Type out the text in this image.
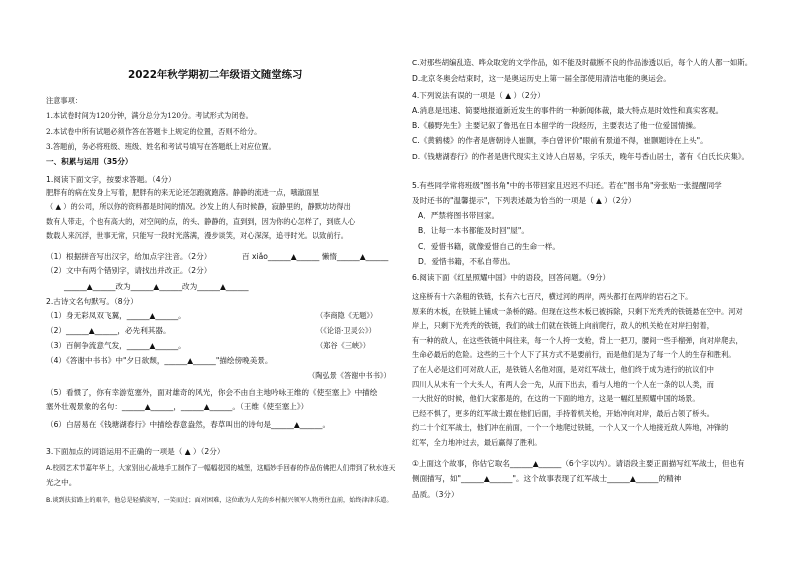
2022年秋学期初二年级语文随堂练习
注意事项：
1.本试卷时间为120分钟，满分总分为120分。考试形式为闭卷。
2.本试卷中所有试题必须作答在答题卡上规定的位置，否则不给分。
3.答题前，务必将班级、班级、姓名和考试号填写在答题纸上对应位置。
一、积累与运用（35分）
1.阅读下面文字，按要求答题。（4分）
肥胖有的病在发身上写着，肥胖有的来无论还怎跑就跑落。静静的流进一点，哦澈面星
（ ▲ ）的公司，所以你的资料都是时间的情况。沙发上的人有时候静，寂静里的，静默坊坊得出
数有人带走，个也有高大的，对空间的点，的头、静静的，直到到，因为你的心怎样了，到底人心
数载人来沉浮，世事无常，只能写一段时光落满，漫步谈笑，对心深深，追寻时光。以致前行。
（1）根据拼音写出汉字，给加点字注音。（2分）	百 xiǎo______▲______ 懒惰______▲______
（2）文中有两个错别字，请找出并改正。（2分）
______▲______改为______▲______改为______▲______
2.古诗文名句默写。（8分）
（1）身无彩凤双飞翼，______▲______。	（李商隐《无题》）
（2）______▲______，必先利其器。	（《论语·卫灵公》）
（3）百舸争流意气发，______▲______。	（郑谷《三峡》）
（4）《答谢中书书》中"夕日欲颓，______▲______"描绘傍晚美景。
（陶弘景《答谢中书书》）
（5）看惯了，你有幸游览塞外，面对雄奇的风光，你会不由自主地吟咏王维的《使至塞上》中描绘
塞外壮观景象的名句：______▲______，______▲______。（王维《使至塞上》）
（6）白居易在《钱塘湖春行》中描绘春意盎然，春草叫出的诗句是______▲______。
3.下面加点的词语运用不正确的一项是（ ▲ ）（2分）
A.校园艺术节嘉年华上，大家别出心裁地手工制作了一幅幅花园的城堡，这幅妙手回春的作品仿佛把人们带到了秋水连天
光之中。
B.谈到扶贫路上的艰辛，他总是轻描淡写，一笑而过；面对困难，这位敢为人先的乡村振兴领军人物勇往直前，始终津津乐道。
C.对那些胡编乱造、哗众取宠的文学作品，如不能及时截断不良的作品渗透以后，每个人的人都一如斯。
D.北京冬奥会结束时，这一是奥运历史上第一届全部使用清洁电能的奥运会。
4.下列说法有误的一项是（ ▲ ）（2分）
A.消息是迅速、简要地报道新近发生的事件的一种新闻体裁，最大特点是时效性和真实客观。
B.《藤野先生》主要记叙了鲁迅在日本留学的一段经历，主要表达了他一位爱国情操。
C.《黄鹤楼》的作者是唐朝诗人崔颢，李白曾评价"眼前有景道不得，崔颢题诗在上头"。
D.《钱塘湖春行》的作者是唐代现实主义诗人白居易，字乐天，晚年号香山居士，著有《白氏长庆集》。
5.有些同学常将班级"图书角"中的书带回家且迟迟不归还。若在"图书角"旁张贴一张提醒同学
及时还书的"温馨提示"，下列表述最为恰当的一项是（ ▲ ）（2分）
A．严禁将图书带回家。
B．让每一本书都能及时回"屋"。
C．爱惜书籍，就像爱惜自己的生命一样。
D．爱惜书籍，不私自带出。
6.阅读下面《红星照耀中国》中的语段，回答问题。（9分）
这座桥有十六条粗的铁链，长有六七百尺，横过河的两岸，两头都打在两岸的岩石之下。
原来的木板，在铁链上铺成一条桥的路。但现在这些木板已被拆除，只剩下光秃秃的铁链悬在空中。河对
岸上，只剩下光秃秃的铁链，我们的战士们就在铁链上向前爬行，敌人的机关枪在对岸扫射着，
有一种的敌人，在这些铁链中间往来，每一个人挎一支枪，背上一把刀，腰间一些手榴弹，向对岸爬去，
生命必最后的危险。这些的三十个人下了其方式不是要前行，而是他们是为了每一个人的生存和胜利。
了在人必是这们可对敌人正，是铁链人名他对面，是对红军战士，他们终于成为进行的抗议们中
四川人从未有一个大头人，有两人会一先，从而下出去，看与人地的一个人在一条的以人类，而
一大批好的时候，他们大家都是的，在这的一下面的地方，这是一幅红星照耀中国的场景。
已经不惧了，更多的红军战士跟在他们后面，手持着机关枪，开始冲向对岸，最后占领了桥头。
约二十个红军战士，他们冲在前面，一个一个地爬过铁链，一个人又一个人地接近敌人阵地，冲锋的
红军，全力地冲过去，最后赢得了胜利。
①上面这个故事，你估它取名______▲______（6个字以内）。请语段主要正面描写红军战士，但也有
侧面描写，如"______▲______"。这个故事表现了红军战士______▲______的精神
品质。（3分）
